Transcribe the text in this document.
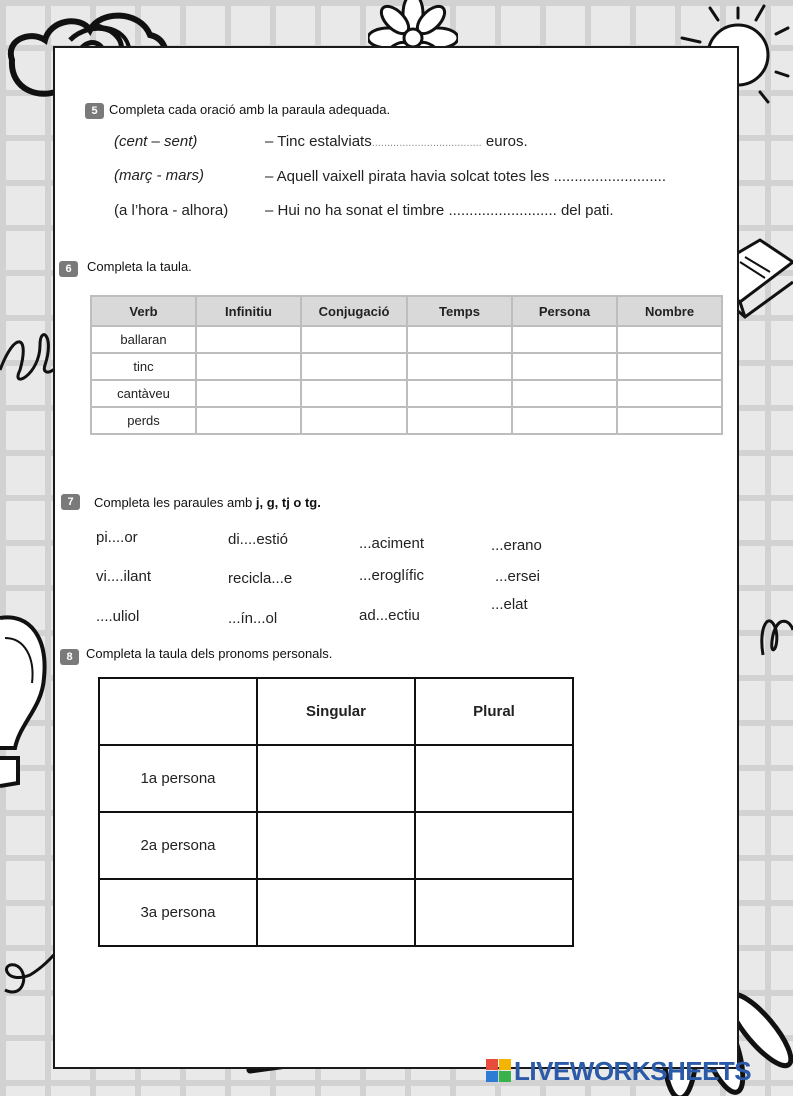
5 Completa cada oració amb la paraula adequada.
(cent – sent)	– Tinc estalviats.................................... euros.
(març - mars)	– Aquell vaixell pirata havia solcat totes les ...........................
(a l’hora - alhora) – Hui no ha sonat el timbre .......................... del pati.
6	Completa la taula.
Verb	Infinitiu	Conjugació	Temps	Persona	Nombre
ballaran					
tinc					
cantàveu					
perds					
7	Completa les paraules amb j, g, tj o tg.
pi....or	di....estió	...aciment	...erano
vi....ilant	recicla...e	...eroglífic	...ersei
....uliol	...ín...ol	ad...ectiu
...elat
8	Completa la taula dels pronoms personals.
	Singular	Plural
1a persona		
2a persona		
3a persona		
LIVEWORKSHEETS
